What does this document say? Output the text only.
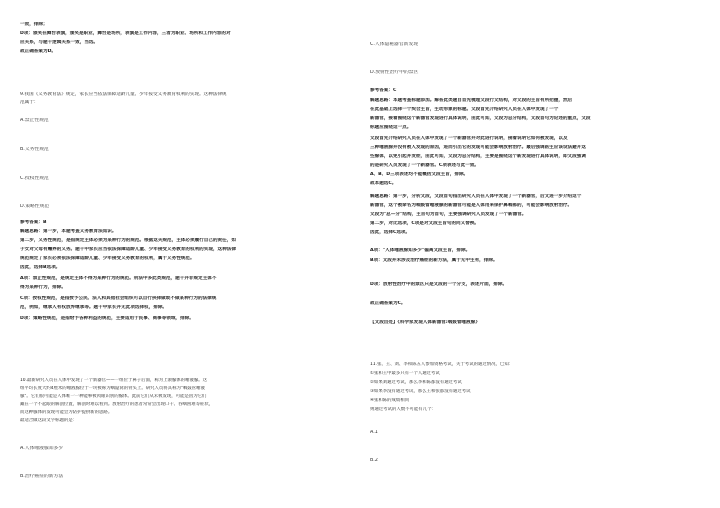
一致，排除；
D项：颁奖在舞台表演，颁奖是职业，舞台是场所，表演是工作内容，三者为职业、场所和工作内容的对
应关系，与题干逻辑关系一致，当选。
故正确答案为D。
9.我国《义务教育法》规定，家长应当依法保障适龄儿童、少年按受义务教育权利的实现。这种法律规
范属于：
A.禁止性规范
B.义务性规范
C.授权性规范
D.策略性规范
参考答案：B
解题思路：第一步，本题考查义务教育法知识。
第二步，义务性规范，是指规定主体必须为某种行为的规范。根据这关规范，主体必须履行自己的责任，如
子女对父母有赡养的义务。题干中家长应当依法保障适龄儿童、少年接受义务教育的权利的实现，这种法律
规范规定了家长必须依法保障适龄儿童、少年接受义务教育的权利，属于义务性规范。
因此，选择B选项。
A项：禁止性规范，是规定主体不得为某种行为的规范。刑法中多此类规范，题干并非规定主体不
得为某种行为，排除。
C项：授权性规范，是指授予公民、法人和其他社会组织可以自行抉择做或不做某种行为的法律规
范，例如，继承人有权放弃继承等。题干中家长并无此项选择权，排除。
D项：策略性规范，是指给予各种利益的规范，主要适用于民事、商事等领域，排除。
10.最新研究人员在人体中发现了一个新器官——一组位于鼻子后面，称为上颌腺体的唾液腺。这
组平均长度大约4厘米的唾液腺位于一块被称为咽隐窝的骨头上。研究人员将其称为"咽鼓管唾液
腺"。它们很可能是人体唯一一种能够被肉眼识别的腺体。此前它们从未被发现，可能是因为它们
藏在一个不起眼的解剖位置，解剖时难以看到。放射治疗的患者常常会出现口干、吞咽困难等症状，
而这种腺体的发现可能会为防护提供新的思路。
最适合做这段文字标题的是：
A.人体唾液腺知多少
B.治疗癌症的新方法
C.人体隐秘器官新发现
D.放射性治疗中的禁区
参考答案：C
解题思路：本题考查标题添加。解答此类题目首先梳理文段行文结构，对文段的主旨有所把握，然后
在此基础上选择一个契合主旨，生动形象的标题。文段首先介绍研究人员在人体中发现了一个
新器官，接着围绕这个新器官发现进行具体说明，由此可知，文段为总分结构，文段首句为论述的重点，文段
标题应围绕这一点。
文段首先介绍研究人员在人体中发现了一个新器官并对此进行说明，接着说明它如何被发现，以及
三种唾液腺并没有被人发现的原因，进而引出它的发现可能会影响放射治疗。最后强调医生应该设法避开这
些腺体，以免引起并发症，由此可知，文段为总分结构，主要是围绕这个新发现进行具体说明，即文段强调
的是研究人员发现了一个新器官。C项表述与此一致。
A、B、D三项表述均不能概括文段主旨，排除。
故本题选C。
解题思路：第一步，分析文段，文段首句指出研究人员在人体中发现了一个新器官，后文进一步介绍这个
新器官，这个被命名为咽鼓管唾液腺的新器官可能是人体用来保护鼻咽部的，可能会影响放射治疗。
文段为"总—分"结构，主旨句为首句，主要强调研究人员发现了一个新器官。
第二步，对比选项，C项是对文段主旨句的同义替换。
因此，选择C选项。
A项："人体唾液腺知多少"偏离文段主旨，排除。
B项：文段并未涉及治疗癌症的新方法，属于无中生有，排除。
D项：放射性治疗中的禁区只是文段的一个分支，表述片面，排除。
故正确答案为C。
【文段出处】《科学家发现人体新器官:咽鼓管唾液腺》
11.张、王、刘、李和陈五人参加资格考试，关于考试的通过情况，已知：
①张和王中最多只有一个人通过考试
②如果刘通过考试，那么李和陈都没有通过考试
③如果李没有通过考试，那么王和张都没有通过考试
④张和陈的成绩相同
则通过考试的人数不可能有几个：
A.1
B.2
